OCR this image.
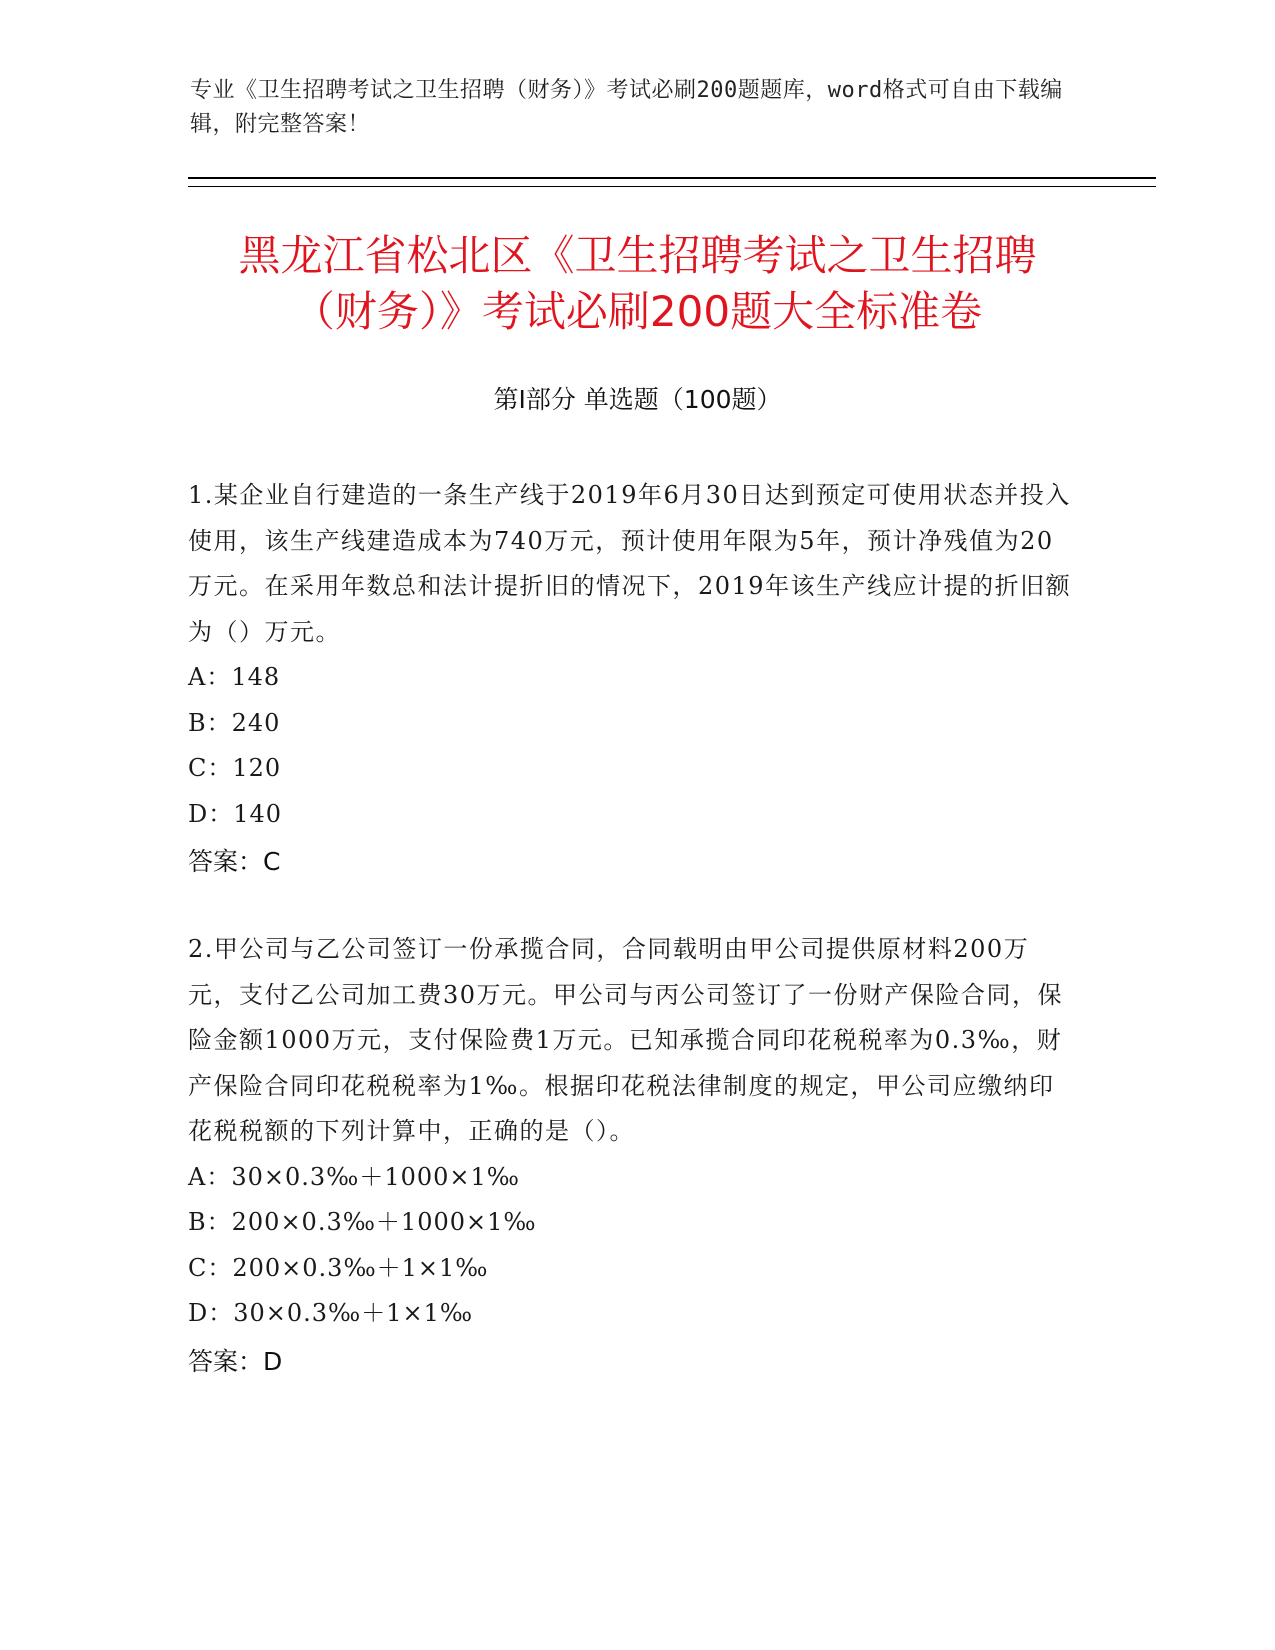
专业《卫生招聘考试之卫生招聘（财务）》考试必刷200题题库，word格式可自由下载编辑，附完整答案！
黑龙江省松北区《卫生招聘考试之卫生招聘
（财务）》考试必刷200题大全标准卷
第Ⅰ部分 单选题（100题）

1.某企业自行建造的一条生产线于2019年6月30日达到预定可使用状态并投入使用，该生产线建造成本为740万元，预计使用年限为5年，预计净残值为20万元。在采用年数总和法计提折旧的情况下，2019年该生产线应计提的折旧额为（）万元。

A：148
B：240
C：120
D：140
答案：C

2.甲公司与乙公司签订一份承揽合同，合同载明由甲公司提供原材料200万元，支付乙公司加工费30万元。甲公司与丙公司签订了一份财产保险合同，保险金额1000万元，支付保险费1万元。已知承揽合同印花税税率为0.3‰，财产保险合同印花税税率为1‰。根据印花税法律制度的规定，甲公司应缴纳印花税税额的下列计算中，正确的是（）。

A：30×0.3‰＋1000×1‰
B：200×0.3‰＋1000×1‰
C：200×0.3‰＋1×1‰
D：30×0.3‰＋1×1‰
答案：D
